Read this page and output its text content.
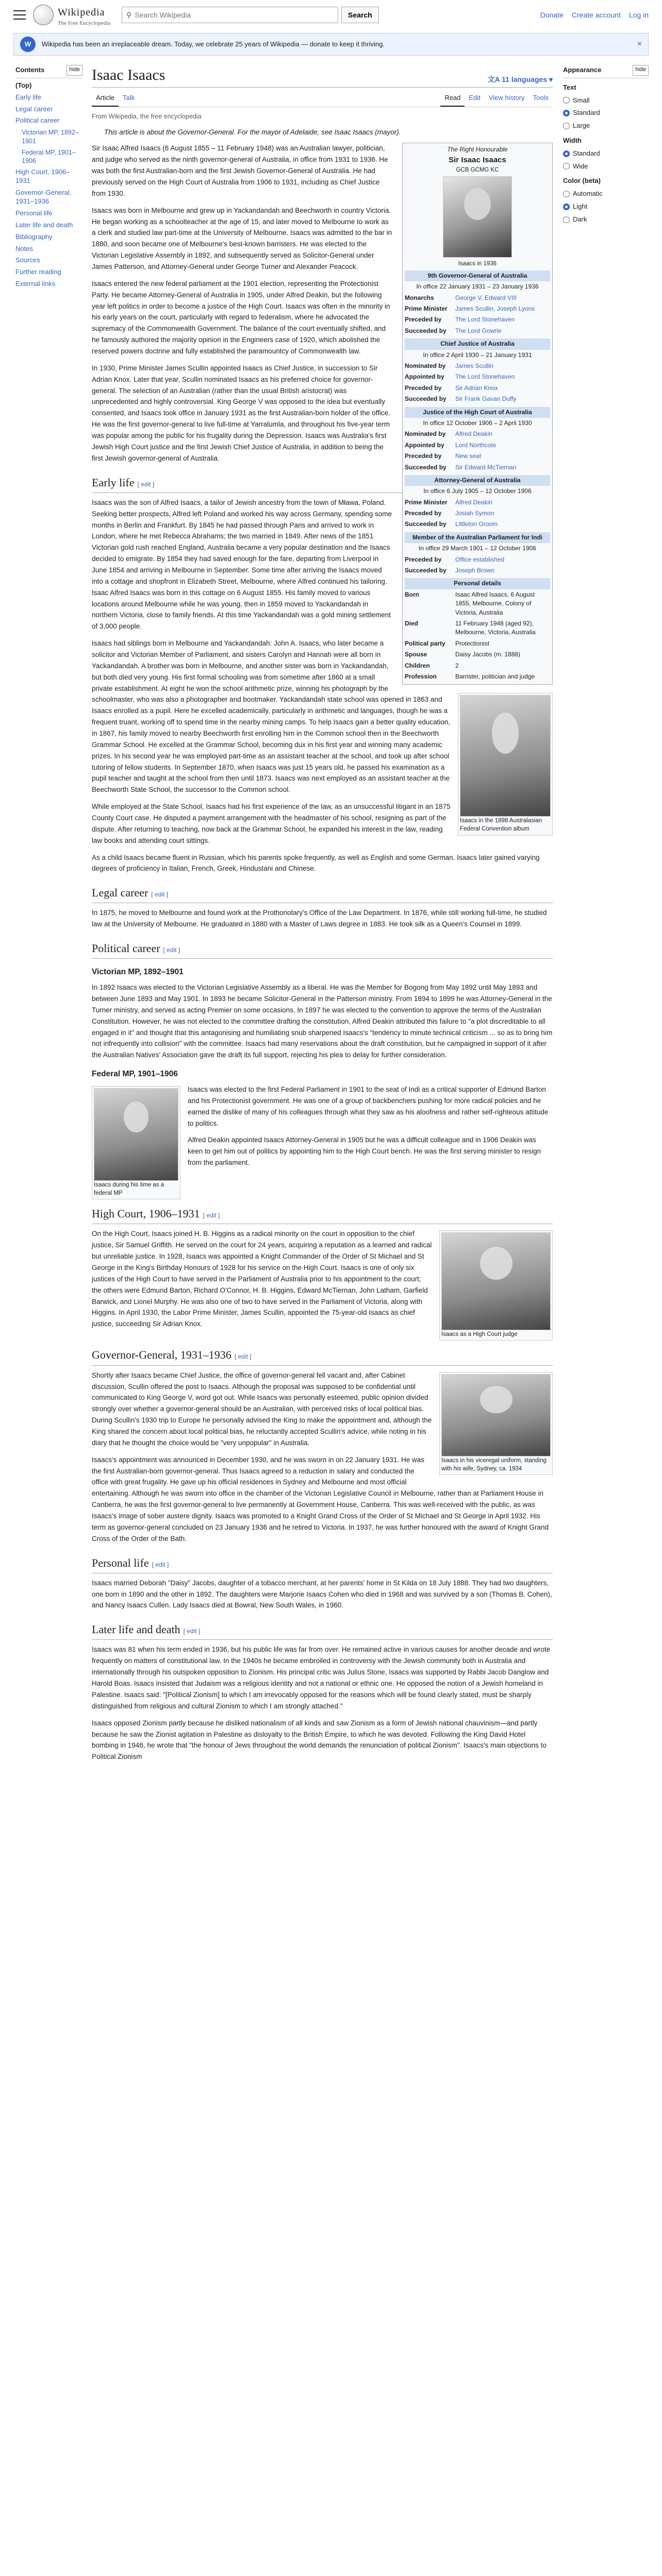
Wikipedia
The Free Encyclopedia
⚲
Search Wikipedia	Search	Donate Create account Log in
W	Wikipedia has been an irreplaceable dream. Today, we celebrate 25 years of Wikipedia — donate to keep it thriving.	×
Contents	hide
(Top)
Early life
Legal career
Political career
Victorian MP, 1892–1901
Federal MP, 1901–1906
High Court, 1906–1931
Governor-General, 1931–1936
Personal life
Later life and death
Bibliography
Notes
Sources
Further reading
External links
Appearance	hide
Text
Small
Standard
Large
Width
Standard
Wide
Color (beta)
Automatic
Light
Dark
Isaac Isaacs	文A 11 languages ▾
Article	Talk	Read	Edit	View history	Tools
From Wikipedia, the free encyclopedia
This article is about the Governor-General. For the mayor of Adelaide, see Isaac Isaacs (mayor).
The Right Honourable
Sir Isaac Isaacs
GCB GCMG KC
Isaacs in 1936
9th Governor-General of Australia
In office 22 January 1931 – 23 January 1936
Monarchs	George V, Edward VIII
Prime Minister	James Scullin, Joseph Lyons
Preceded by	The Lord Stonehaven
Succeeded by	The Lord Gowrie
Chief Justice of Australia
In office 2 April 1930 – 21 January 1931
Nominated by	James Scullin
Appointed by	The Lord Stonehaven
Preceded by	Sir Adrian Knox
Succeeded by	Sir Frank Gavan Duffy
Justice of the High Court of Australia
In office 12 October 1906 – 2 April 1930
Nominated by	Alfred Deakin
Appointed by	Lord Northcote
Preceded by	New seat
Succeeded by	Sir Edward McTiernan
Attorney-General of Australia
In office 6 July 1905 – 12 October 1906
Prime Minister	Alfred Deakin
Preceded by	Josiah Symon
Succeeded by	Littleton Groom
Member of the Australian Parliament for Indi
In office 29 March 1901 – 12 October 1906
Preceded by	Office established
Succeeded by	Joseph Brown
Personal details
Born	Isaac Alfred Isaacs, 6 August 1855, Melbourne, Colony of Victoria, Australia
Died	11 February 1948 (aged 92), Melbourne, Victoria, Australia
Political party	Protectionist
Spouse	Daisy Jacobs (m. 1888)
Children	2
Profession	Barrister, politician and judge

Sir Isaac Alfred Isaacs (6 August 1855 – 11 February 1948) was an Australian lawyer, politician, and judge who served as the ninth governor-general of Australia, in office from 1931 to 1936. He was both the first Australian-born and the first Jewish Governor-General of Australia. He had previously served on the High Court of Australia from 1906 to 1931, including as Chief Justice from 1930.

Isaacs was born in Melbourne and grew up in Yackandandah and Beechworth in country Victoria. He began working as a schoolteacher at the age of 15, and later moved to Melbourne to work as a clerk and studied law part-time at the University of Melbourne. Isaacs was admitted to the bar in 1880, and soon became one of Melbourne's best-known barristers. He was elected to the Victorian Legislative Assembly in 1892, and subsequently served as Solicitor-General under James Patterson, and Attorney-General under George Turner and Alexander Peacock.

Isaacs entered the new federal parliament at the 1901 election, representing the Protectionist Party. He became Attorney-General of Australia in 1905, under Alfred Deakin, but the following year left politics in order to become a justice of the High Court. Isaacs was often in the minority in his early years on the court, particularly with regard to federalism, where he advocated the supremacy of the Commonwealth Government. The balance of the court eventually shifted, and he famously authored the majority opinion in the Engineers case of 1920, which abolished the reserved powers doctrine and fully established the paramountcy of Commonwealth law.

In 1930, Prime Minister James Scullin appointed Isaacs as Chief Justice, in succession to Sir Adrian Knox. Later that year, Scullin nominated Isaacs as his preferred choice for governor-general. The selection of an Australian (rather than the usual British aristocrat) was unprecedented and highly controversial. King George V was opposed to the idea but eventually consented, and Isaacs took office in January 1931 as the first Australian-born holder of the office. He was the first governor-general to live full-time at Yarralumla, and throughout his five-year term was popular among the public for his frugality during the Depression. Isaacs was Australia's first Jewish High Court justice and the first Jewish Chief Justice of Australia, in addition to being the first Jewish governor-general of Australia.

Early life [ edit ]
Isaacs in the 1898 Australasian Federal Convention album

Isaacs was the son of Alfred Isaacs, a tailor of Jewish ancestry from the town of Mława, Poland. Seeking better prospects, Alfred left Poland and worked his way across Germany, spending some months in Berlin and Frankfurt. By 1845 he had passed through Paris and arrived to work in London, where he met Rebecca Abrahams; the two married in 1849. After news of the 1851 Victorian gold rush reached England, Australia became a very popular destination and the Isaacs decided to emigrate. By 1854 they had saved enough for the fare, departing from Liverpool in June 1854 and arriving in Melbourne in September. Some time after arriving the Isaacs moved into a cottage and shopfront in Elizabeth Street, Melbourne, where Alfred continued his tailoring. Isaac Alfred Isaacs was born in this cottage on 6 August 1855. His family moved to various locations around Melbourne while he was young, then in 1859 moved to Yackandandah in northern Victoria, close to family friends. At this time Yackandandah was a gold mining settlement of 3,000 people.

Isaacs had siblings born in Melbourne and Yackandandah: John A. Isaacs, who later became a solicitor and Victorian Member of Parliament, and sisters Carolyn and Hannah were all born in Yackandandah. A brother was born in Melbourne, and another sister was born in Yackandandah, but both died very young. His first formal schooling was from sometime after 1860 at a small private establishment. At eight he won the school arithmetic prize, winning his photograph by the schoolmaster, who was also a photographer and bootmaker. Yackandandah state school was opened in 1863 and Isaacs enrolled as a pupil. Here he excelled academically, particularly in arithmetic and languages, though he was a frequent truant, working off to spend time in the nearby mining camps. To help Isaacs gain a better quality education, in 1867, his family moved to nearby Beechworth first enrolling him in the Common school then in the Beechworth Grammar School. He excelled at the Grammar School, becoming dux in his first year and winning many academic prizes. In his second year he was employed part-time as an assistant teacher at the school, and took up after school tutoring of fellow students. In September 1870, when Isaacs was just 15 years old, he passed his examination as a pupil teacher and taught at the school from then until 1873. Isaacs was next employed as an assistant teacher at the Beechworth State School, the successor to the Common school.

While employed at the State School, Isaacs had his first experience of the law, as an unsuccessful litigant in an 1875 County Court case. He disputed a payment arrangement with the headmaster of his school, resigning as part of the dispute. After returning to teaching, now back at the Grammar School, he expanded his interest in the law, reading law books and attending court sittings.

As a child Isaacs became fluent in Russian, which his parents spoke frequently, as well as English and some German. Isaacs later gained varying degrees of proficiency in Italian, French, Greek, Hindustani and Chinese.

Legal career [ edit ]

In 1875, he moved to Melbourne and found work at the Prothonotary's Office of the Law Department. In 1876, while still working full-time, he studied law at the University of Melbourne. He graduated in 1880 with a Master of Laws degree in 1883. He took silk as a Queen's Counsel in 1899.

Political career [ edit ]
Victorian MP, 1892–1901

In 1892 Isaacs was elected to the Victorian Legislative Assembly as a liberal. He was the Member for Bogong from May 1892 until May 1893 and between June 1893 and May 1901. In 1893 he became Solicitor-General in the Patterson ministry. From 1894 to 1899 he was Attorney-General in the Turner ministry, and served as acting Premier on some occasions. In 1897 he was elected to the convention to approve the terms of the Australian Constitution. However, he was not elected to the committee drafting the constitution, Alfred Deakin attributed this failure to "a plot discreditable to all engaged in it" and thought that this antagonising and humiliating snub sharpened Isaacs's "tendency to minute technical criticism ... so as to bring him not infrequently into collision" with the committee. Isaacs had many reservations about the draft constitution, but he campaigned in support of it after the Australian Natives' Association gave the draft its full support, rejecting his plea to delay for further consideration.

Federal MP, 1901–1906
Isaacs during his time as a federal MP

Isaacs was elected to the first Federal Parliament in 1901 to the seat of Indi as a critical supporter of Edmund Barton and his Protectionist government. He was one of a group of backbenchers pushing for more radical policies and he earned the dislike of many of his colleagues through what they saw as his aloofness and rather self-righteous attitude to politics.

Alfred Deakin appointed Isaacs Attorney-General in 1905 but he was a difficult colleague and in 1906 Deakin was keen to get him out of politics by appointing him to the High Court bench. He was the first serving minister to resign from the parliament.

High Court, 1906–1931 [ edit ]
Isaacs as a High Court judge

On the High Court, Isaacs joined H. B. Higgins as a radical minority on the court in opposition to the chief justice, Sir Samuel Griffith. He served on the court for 24 years, acquiring a reputation as a learned and radical but unreliable justice. In 1928, Isaacs was appointed a Knight Commander of the Order of St Michael and St George in the King's Birthday Honours of 1928 for his service on the High Court. Isaacs is one of only six justices of the High Court to have served in the Parliament of Australia prior to his appointment to the court; the others were Edmund Barton, Richard O'Connor, H. B. Higgins, Edward McTiernan, John Latham, Garfield Barwick, and Lionel Murphy. He was also one of two to have served in the Parliament of Victoria, along with Higgins. In April 1930, the Labor Prime Minister, James Scullin, appointed the 75-year-old Isaacs as chief justice, succeeding Sir Adrian Knox.

Governor-General, 1931–1936 [ edit ]
Isaacs in his viceregal uniform, standing with his wife, Sydney, ca. 1934

Shortly after Isaacs became Chief Justice, the office of governor-general fell vacant and, after Cabinet discussion, Scullin offered the post to Isaacs. Although the proposal was supposed to be confidential until communicated to King George V, word got out. While Isaacs was personally esteemed, public opinion divided strongly over whether a governor-general should be an Australian, with perceived risks of local political bias. During Scullin's 1930 trip to Europe he personally advised the King to make the appointment and, although the King shared the concern about local political bias, he reluctantly accepted Scullin's advice, while noting in his diary that he thought the choice would be "very unpopular" in Australia.

Isaacs's appointment was announced in December 1930, and he was sworn in on 22 January 1931. He was the first Australian-born governor-general. Thus Isaacs agreed to a reduction in salary and conducted the office with great frugality. He gave up his official residences in Sydney and Melbourne and most official entertaining. Although he was sworn into office in the chamber of the Victorian Legislative Council in Melbourne, rather than at Parliament House in Canberra, he was the first governor-general to live permanently at Government House, Canberra. This was well-received with the public, as was Isaacs's image of sober austere dignity. Isaacs was promoted to a Knight Grand Cross of the Order of St Michael and St George in April 1932. His term as governor-general concluded on 23 January 1936 and he retired to Victoria. In 1937, he was further honoured with the award of Knight Grand Cross of the Order of the Bath.

Personal life [ edit ]

Isaacs married Deborah "Daisy" Jacobs, daughter of a tobacco merchant, at her parents' home in St Kilda on 18 July 1888. They had two daughters, one born in 1890 and the other in 1892. The daughters were Marjorie Isaacs Cohen who died in 1968 and was survived by a son (Thomas B. Cohen), and Nancy Isaacs Cullen. Lady Isaacs died at Bowral, New South Wales, in 1960.

Later life and death [ edit ]

Isaacs was 81 when his term ended in 1936, but his public life was far from over. He remained active in various causes for another decade and wrote frequently on matters of constitutional law. In the 1940s he became embroiled in controversy with the Jewish community both in Australia and internationally through his outspoken opposition to Zionism. His principal critic was Julius Stone, Isaacs was supported by Rabbi Jacob Danglow and Harold Boas. Isaacs insisted that Judaism was a religious identity and not a national or ethnic one. He opposed the notion of a Jewish homeland in Palestine. Isaacs said: "[Political Zionism] to which I am irrevocably opposed for the reasons which will be found clearly stated, must be sharply distinguished from religious and cultural Zionism to which I am strongly attached."

Isaacs opposed Zionism partly because he disliked nationalism of all kinds and saw Zionism as a form of Jewish national chauvinism—and partly because he saw the Zionist agitation in Palestine as disloyalty to the British Empire, to which he was devoted. Following the King David Hotel bombing in 1946, he wrote that "the honour of Jews throughout the world demands the renunciation of political Zionism". Isaacs's main objections to Political Zionism
